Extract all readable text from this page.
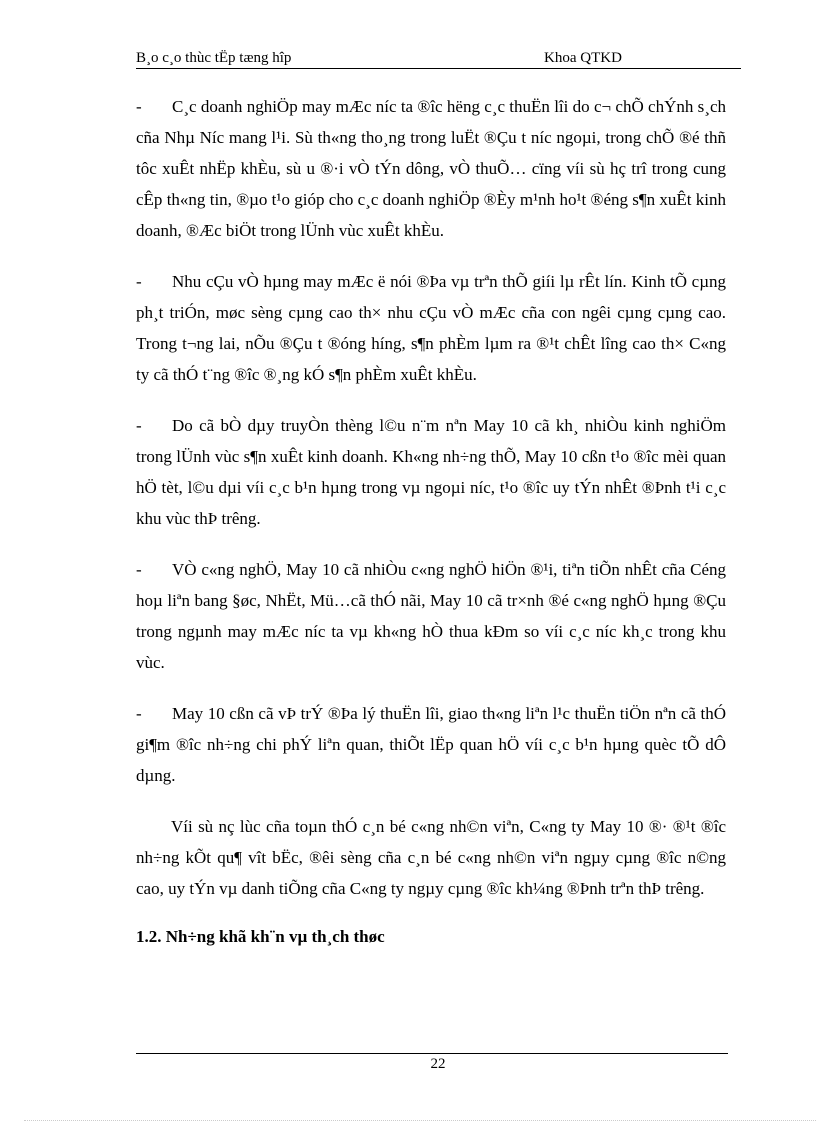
B¸o c¸o thùc tËp tæng hîp	Khoa QTKD
- C¸c doanh nghiÖp may mÆc níc ta ®îc hëng c¸c thuËn lîi do c¬ chÕ chÝnh s¸ch cña Nhµ Níc mang l¹i. Sù th«ng tho¸ng trong luËt ®Çu t níc ngoµi, trong chÕ ®é thñ tôc xuÊt nhËp khÈu, sù u ®·i vÒ tÝn dông, vÒ thuÕ… cïng víi sù hç trî trong cung cÊp th«ng tin, ®µo t¹o gióp cho c¸c doanh nghiÖp ®Èy m¹nh ho¹t ®éng s¶n xuÊt kinh doanh, ®Æc biÖt trong lÜnh vùc xuÊt khÈu.
- Nhu cÇu vÒ hµng may mÆc ë nói ®Þa vµ trªn thÕ giíi lµ rÊt lín. Kinh tÕ cµng ph¸t triÓn, møc sèng cµng cao th× nhu cÇu vÒ mÆc cña con ngêi cµng cµng cao. Trong t¬ng lai, nÕu ®Çu t ®óng híng, s¶n phÈm lµm ra ®¹t chÊt lîng cao th× C«ng ty cã thÓ t¨ng ®îc ®¸ng kÓ s¶n phÈm xuÊt khÈu.
- Do cã bÒ dµy truyÒn thèng l©u n¨m nªn May 10 cã kh¸ nhiÒu kinh nghiÖm trong lÜnh vùc s¶n xuÊt kinh doanh. Kh«ng nh÷ng thÕ, May 10 cßn t¹o ®îc mèi quan hÖ tèt, l©u dµi víi c¸c b¹n hµng trong vµ ngoµi níc, t¹o ®îc uy tÝn nhÊt ®Þnh t¹i c¸c khu vùc thÞ trêng.
- VÒ c«ng nghÖ, May 10 cã nhiÒu c«ng nghÖ hiÖn ®¹i, tiªn tiÕn nhÊt cña Céng hoµ liªn bang §øc, NhËt, Mü…cã thÓ nãi, May 10 cã tr×nh ®é c«ng nghÖ hµng ®Çu trong ngµnh may mÆc níc ta vµ kh«ng hÒ thua kÐm so víi c¸c níc kh¸c trong khu vùc.
- May 10 cßn cã vÞ trÝ ®Þa lý thuËn lîi, giao th«ng liªn l¹c thuËn tiÖn nªn cã thÓ gi¶m ®îc nh÷ng chi phÝ liªn quan, thiÕt lËp quan hÖ víi c¸c b¹n hµng quèc tÕ dÔ dµng.
Víi sù nç lùc cña toµn thÓ c¸n bé c«ng nh©n viªn, C«ng ty May 10 ®· ®¹t ®îc nh÷ng kÕt qu¶ vît bËc, ®êi sèng cña c¸n bé c«ng nh©n viªn ngµy cµng ®îc n©ng cao, uy tÝn vµ danh tiÕng cña C«ng ty ngµy cµng ®îc kh¼ng ®Þnh trªn thÞ trêng.
1.2. Nh÷ng khã kh¨n vµ th¸ch thøc
22
